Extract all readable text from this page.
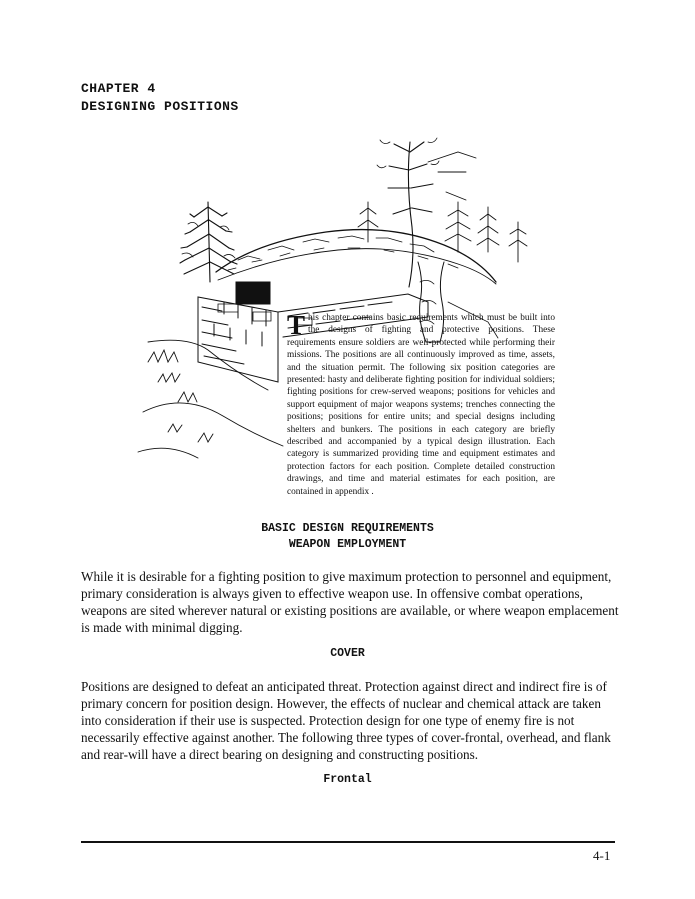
CHAPTER 4
DESIGNING POSITIONS
T his chapter contains basic requirements which must be built into the designs of fighting and protective positions. These requirements ensure soldiers are well-protected while performing their missions. The positions are all continuously improved as time, assets, and the situation permit. The following six position categories are presented: hasty and deliberate fighting position for individual soldiers; fighting positions for crew-served weapons; positions for vehicles and support equipment of major weapons systems; trenches connecting the positions; positions for entire units; and special designs including shelters and bunkers. The positions in each category are briefly described and accompanied by a typical design illustration. Each category is summarized providing time and equipment estimates and protection factors for each position. Complete detailed construction drawings, and time and material estimates for each position, are contained in appendix .
BASIC DESIGN REQUIREMENTS
WEAPON EMPLOYMENT
While it is desirable for a fighting position to give maximum protection to personnel and equipment, primary consideration is always given to effective weapon use. In offensive combat operations, weapons are sited wherever natural or existing positions are available, or where weapon emplacement is made with minimal digging.
COVER
Positions are designed to defeat an anticipated threat. Protection against direct and indirect fire is of primary concern for position design. However, the effects of nuclear and chemical attack are taken into consideration if their use is suspected. Protection design for one type of enemy fire is not necessarily effective against another. The following three types of cover-frontal, overhead, and flank and rear-will have a direct bearing on designing and constructing positions.
Frontal
4-1
